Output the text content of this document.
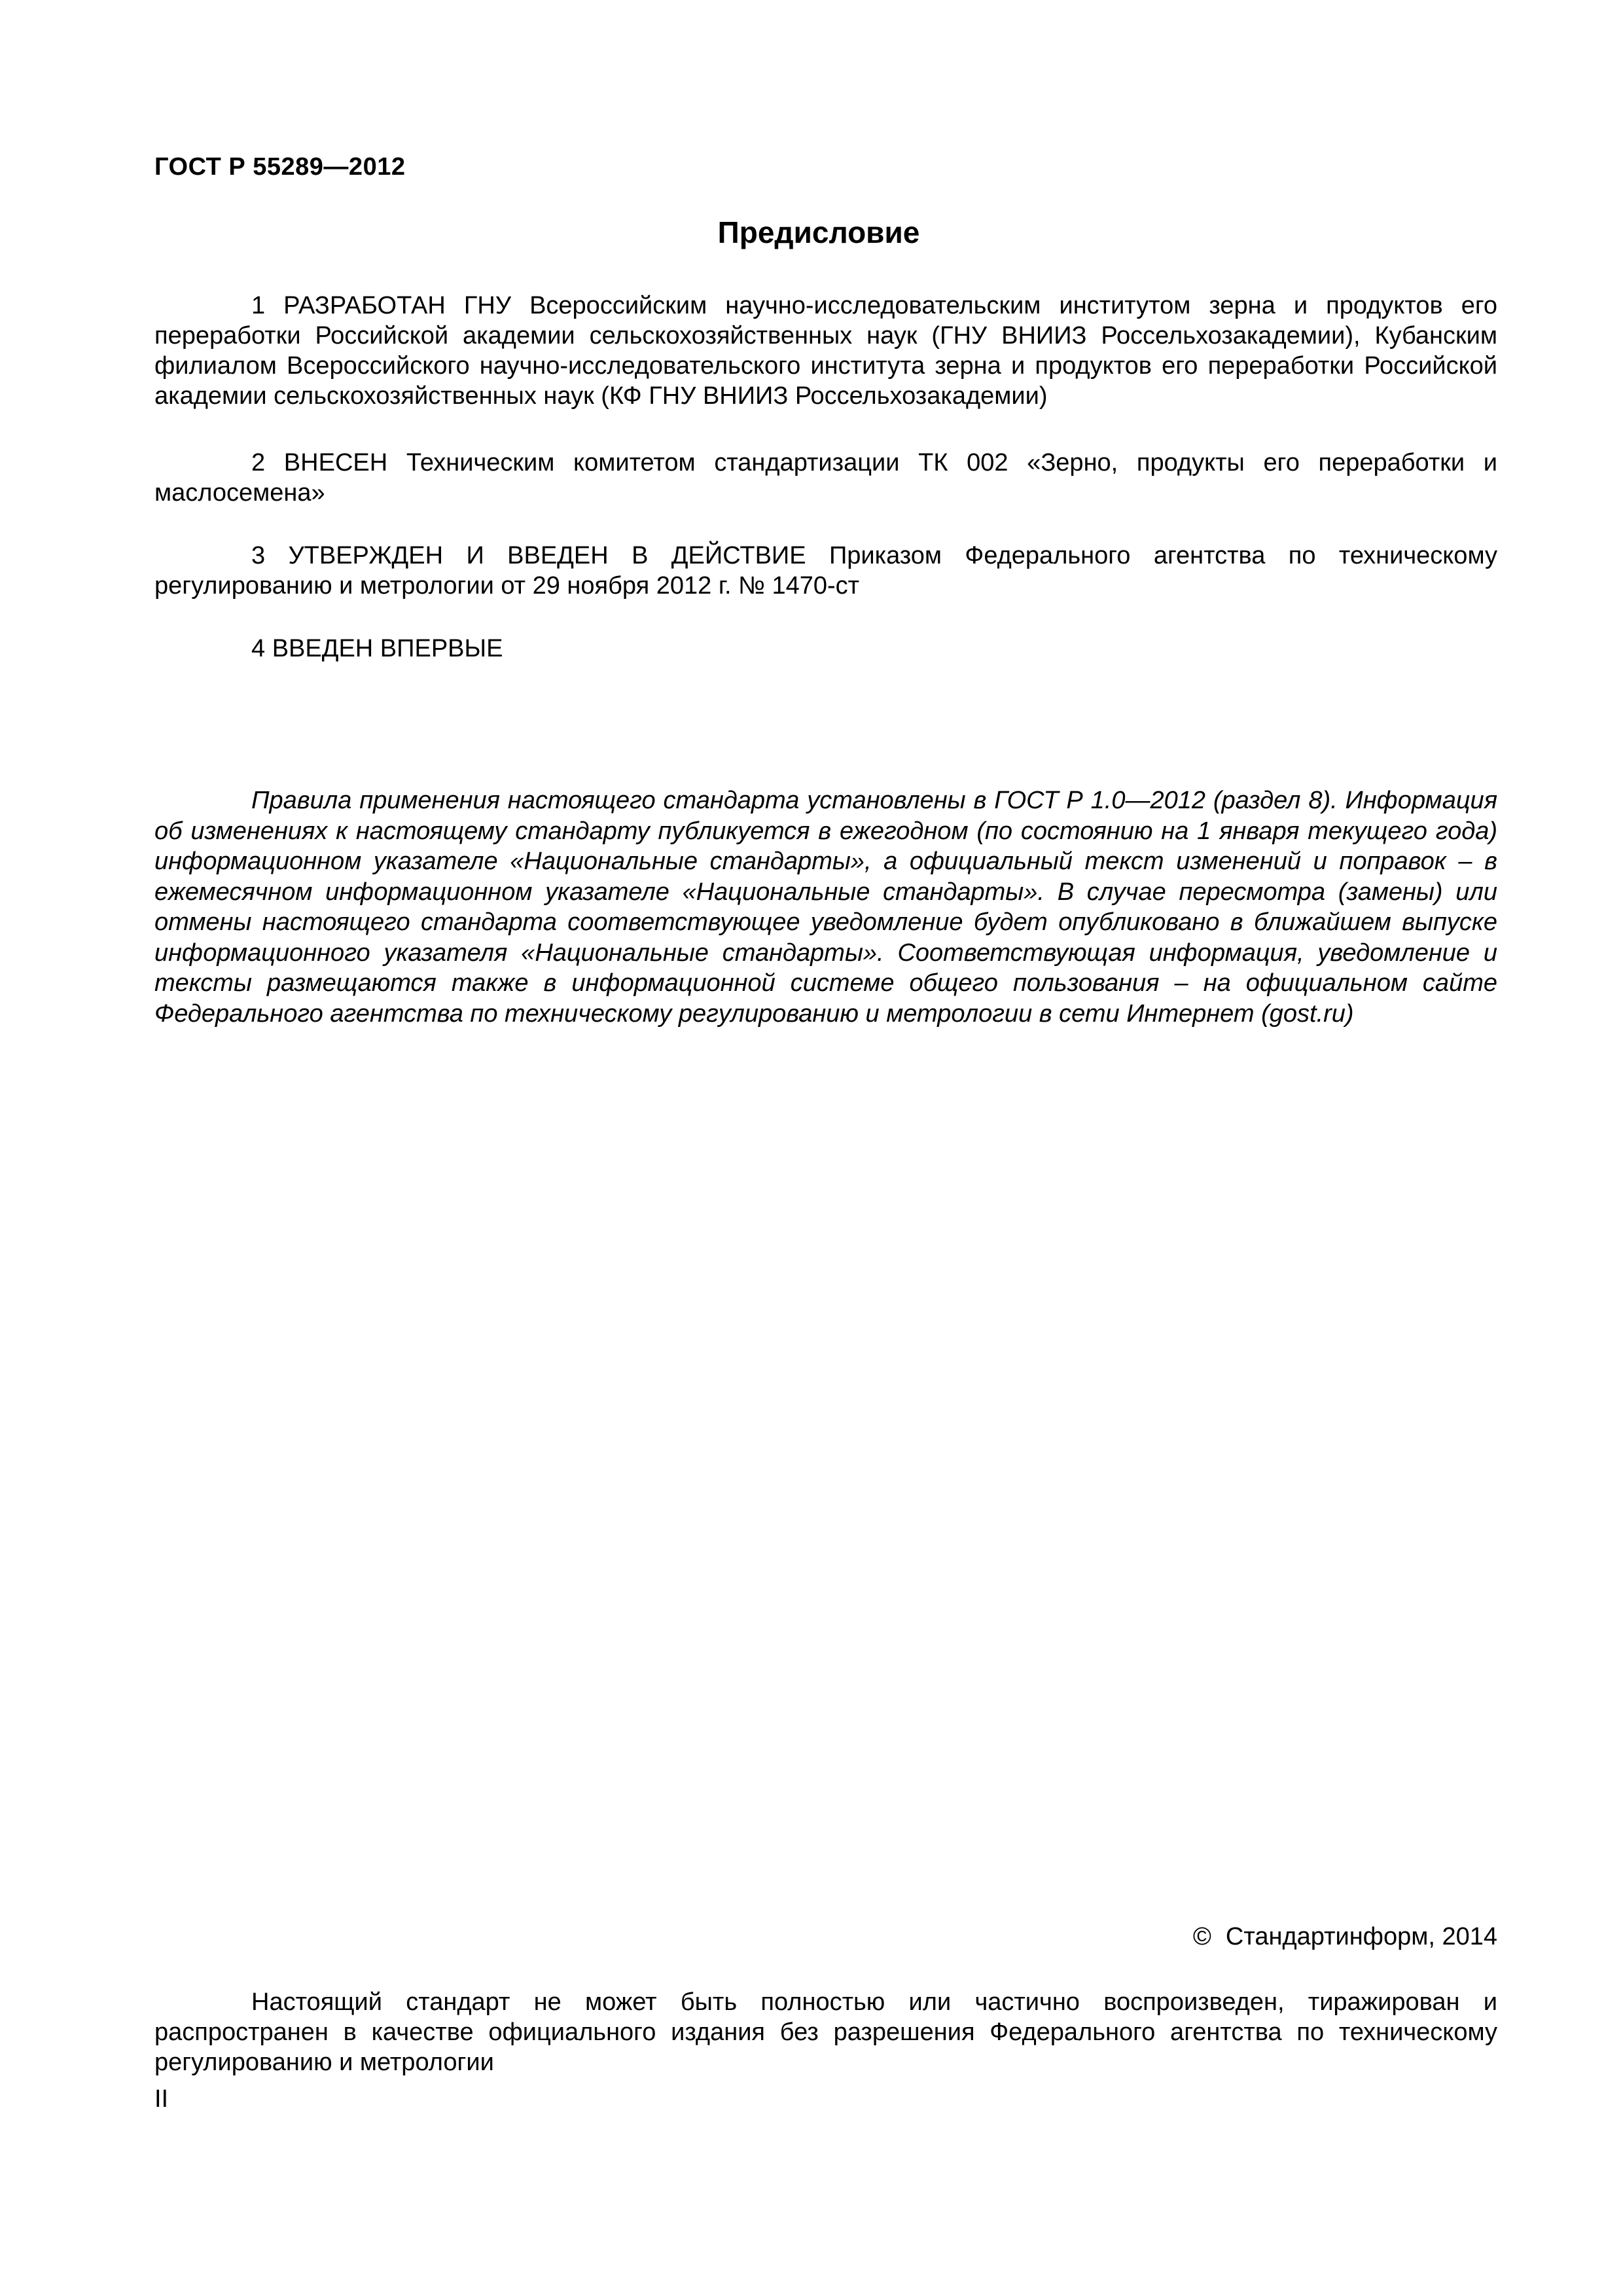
ГОСТ Р 55289—2012
Предисловие
1 РАЗРАБОТАН ГНУ Всероссийским научно-исследовательским институтом зерна и продуктов его переработки Российской академии сельскохозяйственных наук (ГНУ ВНИИЗ Россельхозакадемии), Кубанским филиалом Всероссийского научно-исследовательского института зерна и продуктов его переработки Российской академии сельскохозяйственных наук (КФ ГНУ ВНИИЗ Россельхозакадемии)
2 ВНЕСЕН Техническим комитетом стандартизации ТК 002 «Зерно, продукты его переработки и маслосемена»
3 УТВЕРЖДЕН И ВВЕДЕН В ДЕЙСТВИЕ Приказом Федерального агентства по техническому регулированию и метрологии от 29 ноября 2012 г. № 1470-ст
4 ВВЕДЕН ВПЕРВЫЕ
Правила применения настоящего стандарта установлены в ГОСТ Р 1.0—2012 (раздел 8). Информация об изменениях к настоящему стандарту публикуется в ежегодном (по состоянию на 1 января текущего года) информационном указателе «Национальные стандарты», а официальный текст изменений и поправок – в ежемесячном информационном указателе «Национальные стандарты». В случае пересмотра (замены) или отмены настоящего стандарта соответствующее уведомление будет опубликовано в ближайшем выпуске информационного указателя «Национальные стандарты». Соответствующая информация, уведомление и тексты размещаются также в информационной системе общего пользования – на официальном сайте Федерального агентства по техническому регулированию и метрологии в сети Интернет (gost.ru)
© Стандартинформ, 2014
Настоящий стандарт не может быть полностью или частично воспроизведен, тиражирован и распространен в качестве официального издания без разрешения Федерального агентства по техническому регулированию и метрологии
II
